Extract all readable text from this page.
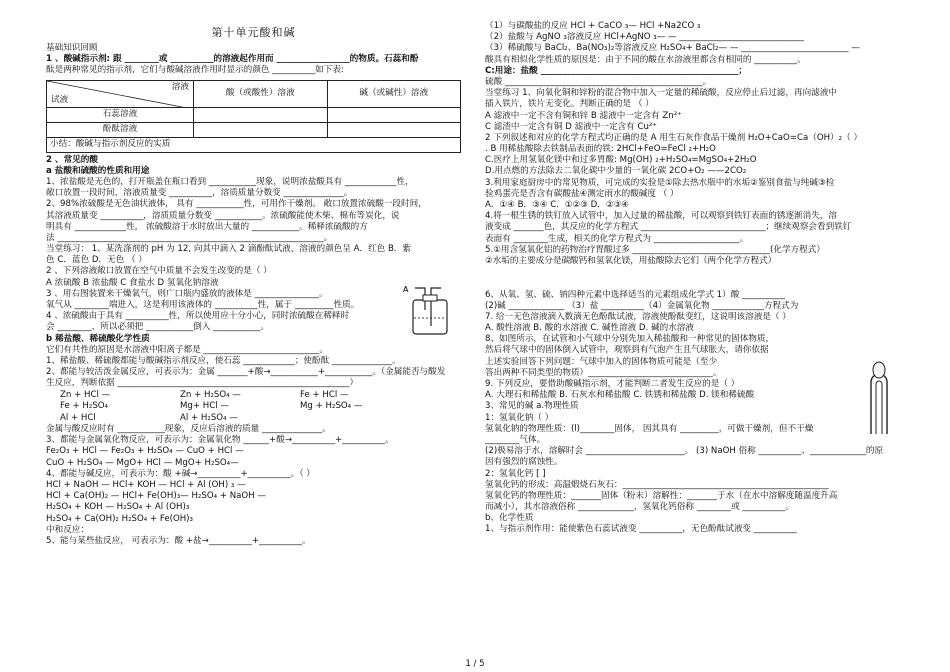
第十单元酸和碱
基础知识回顾
1 、酸碱指示剂: 跟 ________或 __________的溶液起作用而 _________________的物质。石蕊和酚
酞是两种常见的指示剂，它们与酸碱溶液作用时显示的颜色 __________如下表:
溶液
试液	酸（或酸性）溶液	碱（或碱性）溶液
石蕊溶液		
酚酞溶液		
小结：酸碱与指示剂反应的实质		
2 、常见的酸
a 盐酸和硫酸的性质和用途
1、浓盐酸是无色的，打开瓶盖在瓶口看到 ___________现象，说明浓盐酸具有 ____________性，
敞口放置一段时间，溶液质量变 __________，溶质质量分数变 ______________。
2、98%浓硫酸是无色油状液体， 具有 ___________性，可用作干燥剂。 敞口放置浓硫酸一段时间，
其溶液质量变 __________，溶质质量分数变 ___________。浓硫酸能使木柴、棉布等炭化，说
明具有 ____________性， 浓硫酸溶于水时放出大量的 ___________。稀释浓硫酸的方
法 ______________________________________________________________。
当堂练习： 1、某洗涤剂的 pH 为 12, 向其中滴入 2 滴酚酞试液，溶液的颜色呈 A．红色 B．紫
色 C．蓝色 D．无色 （ ）
2 、下列溶液敞口放置在空气中质量不会发生改变的是（ ）
A 浓硫酸 B 浓盐酸 C 食盐水 D 氢氧化钠溶液
3 、用右图装置来干燥氧气，则广口瓶内盛放的液体是 _______________。
氧气从 ________端进入，这是利用该液体的 __________性，属于 _________性质。
4 、浓硫酸由于具有 __________性，所以使用应十分小心，同时浓硫酸在稀释时
会 ________，所以必须把 ___________倒入 ___________。
b 稀盐酸、稀硫酸化学性质
它们有共性的原因是水溶液中阳离子都是 ___________________________。
1、稀盐酸、稀硫酸都能与酸碱指示剂反应，使石蕊 ____________；使酚酞 ______________。
2、都能与较活泼金属反应，可表示为：金属 _______+酸→___________+___________。（金属能否与酸发
生反应，判断依据 ______________________________________________________）
Zn + HCl —	Zn + H₂SO₄ —	Fe + HCl —
Fe + H₂SO₄	Mg+ HCl —	Mg + H₂SO₄ —
Al + HCl	Al + H₂SO₄ —
金属与酸反应时有 ___________现象，反应后溶液的质量 ______________。
3、都能与金属氧化物反应，可表示为：金属氧化物 ______+酸→__________+__________。
Fe₂O₃ + HCl — Fe₂O₃ + H₂SO₄ — CuO + HCl —
CuO + H₂SO₄ — MgO+ HCl — MgO+ H₂SO₄—
4、都能与碱反应，可表示为：酸 +碱→__________+__________。（ ）
HCl + NaOH — HCl+ KOH — HCl + Al (OH) ₃ —
HCl + Ca(OH)₂ — HCl+ Fe(OH)₃— H₂SO₄ + NaOH —
H₂SO₄ + KOH — H₂SO₄ + Al (OH)₃
H₂SO₄ + Ca(OH)₂ H₂SO₄ + Fe(OH)₃
中和反应：
5、能与某些盐反应， 可表示为：酸 +盐→__________+__________。
A
（1）与碳酸盐的反应 HCl + CaCO ₃— HCl +Na2CO ₃
（2）盐酸与 AgNO ₃溶液反应 HCl+AgNO ₃— — _____________________________
（3）稀硫酸与 BaCl₂、Ba(NO₃)₂等溶液反应 H₂SO₄+ BaCl₂— — _________________________ —
酸具有相似化学性质的原因是：由于不同的酸在水溶液里都含有相同的 __________。
C:用途：盐酸 ______________________________________________；
硫酸 ______________________________________________。
当堂练习 1、向氧化铜和锌粉的混合物中加入一定量的稀硫酸，反应停止后过滤，再向滤液中
插入铁片，铁片无变化。判断正确的是 （ ）
A 滤液中一定不含有铜和锌 B 滤液中一定含有 Zn²⁺
C 滤渣中一定含有铜 D 滤液中一定含有 Cu²⁺
2 下列叙述和对应的化学方程式均正确的是 A 用生石灰作食品干燥剂 H₂O+CaO=Ca（OH）₂（ ）
. B 用稀盐酸除去铁制品表面的铁: 2HCl+FeO=FeCl ₂+H₂O
C.医疗上用氢氧化镁中和过多胃酸: Mg(OH) ₂+H₂SO₄=MgSO₄+2H₂O
D.用点燃的方法除去二氧化碳中少量的一氧化碳 2CO+O₂ ——2CO₂
3.利用家庭厨房中的常见物质，可完成的实验是①除去热水瓶中的水垢②鉴别食盐与纯碱③检
验鸡蛋壳是否含有碳酸盐④测定雨水的酸碱度 （ ）
A．①④ B．③④ C．①②③ D．②③④
4.将一根生锈的铁钉放入试管中，加入过量的稀盐酸，可以观察到铁钉表面的锈逐渐消失，溶
液变成 _______色，其反应的化学方程式 _____________________________；继续观察会看到铁钉
表面有 ________生成，相关的化学方程式为 ____________________。
5.①用含氢氧化铝的药物治疗胃酸过多 ________________________________(化学方程式）
②水垢的主要成分是碳酸钙和氢氧化镁，用盐酸除去它们（两个化学方程式）
6、从氧、氢、硫、钠四种元素中选择适当的元素组成化学式 1）酸 __________
(2)碱 _____________ （3）盐 __________（4）金属氧化物 ____________方程式为
7. 给一无色溶液滴入数滴无色酚酞试液，溶液使酚酞变红，这说明该溶液是（ ）
A. 酸性溶液 B. 酸的水溶液 C. 碱性溶液 D. 碱的水溶液
8、如图所示，在试管和小气球中分别先加入稀盐酸和一种常见的固体物质，
然后将气球中的固体倒入试管中，观察到有气泡产生且气球胀大，请你依据
上述实验回答下列问题：气球中加入的固体物质可能是（至少
答出两种不同类型的物质）_____________________________。
9. 下列反应，要借助酸碱指示剂，才能判断二者发生反应的是（ ）
A. 大理石和稀盐酸 B. 石灰水和稀盐酸 C. 铁锈和稀盐酸 D. 镁和稀硫酸
3、常见的碱 a.物理性质
1：氢氧化钠（ ）
氢氧化钠的物理性质：(l)________固体， 因其具有 _________，可做干燥剂，但不干燥
________气体。
(2)极易溶于水，溶解时会 _______________________。 (3) NaOH 俗称 __________、_____________的原
因有强烈的腐蚀性。
2：氢氧化钙 [ ]
氢氧化钙的形成：高温煅烧石灰石：________________________________________________
氢氧化钙的物理性质：_______固体（粉末）溶解性：_______于水（在水中溶解度随温度升高
而减小），其水溶液俗称 _____________，氢氧化钙俗称 ________或 __________。
b、化学性质
1、与指示剂作用：能使紫色石蕊试液变 __________，无色酚酞试液变 __________
1 / 5
